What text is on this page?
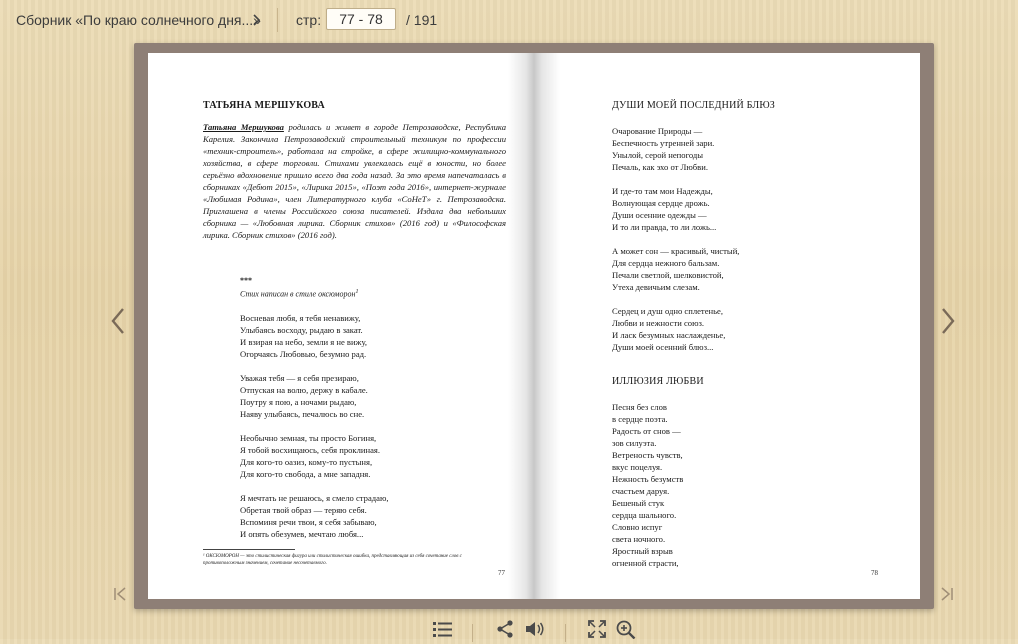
Сборник «По краю солнечного дня...»	стр:
77 - 78	/ 191
ТАТЬЯНА МЕРШУКОВА

Татьяна Мершукова родилась и живет в городе Петрозаводске, Республика Карелия. Закончила Петрозаводский строительный техникум по профессии «техник-строитель», работала на стройке, в сфере жилищно-коммунального хозяйства, в сфере торговли. Стихами увлекалась ещё в юности, но более серьёзно вдохновение пришло всего два года назад. За это время напечаталась в сборниках «Дебют 2015», «Лирика 2015», «Поэт года 2016», интернет-журнале «Любимая Родина», член Литературного клуба «СоНеТ» г. Петрозаводска. Приглашена в члены Российского союза писателей. Издала два небольших сборника — «Любовная лирика. Сборник стихов» (2016 год) и «Философская лирика. Сборник стихов» (2016 год).

***
Стих написан в стиле оксюморон$^1$
Восневая любя, я тебя ненавижу,
Улыбаясь восходу, рыдаю в закат.
И взирая на небо, земли я не вижу,
Огорчаясь Любовью, безумно рад.
Уважая тебя — я себя презираю,
Отпуская на волю, держу в кабале.
Поутру я пою, а ночами рыдаю,
Наяву улыбаясь, печалюсь во сне.
Необычно земная, ты просто Богиня,
Я тобой восхищаюсь, себя проклиная.
Для кого-то оазиз, кому-то пустыня,
Для кого-то свобода, а мне западня.
Я мечтать не решаюсь, я смело страдаю,
Обретая твой образ — теряю себя.
Вспоминя речи твои, я себя забываю,
И опять обезумев, мечтаю любя...

¹ ОКСЮМОРОН — это стилистическая фигура или стилистическая ошибка, представляющая из себя сочетание слов с противоположным значением, сочетание несочетаемого.

77
ДУШИ МОЕЙ ПОСЛЕДНИЙ БЛЮЗ
Очарование Природы —
Беспечность утренней зари.
Унылой, серой непогоды
Печаль, как эхо от Любви.
И где-то там мои Надежды,
Волнующая сердце дрожь.
Души осенние одежды —
И то ли правда, то ли ложь...
А может сон — красивый, чистый,
Для сердца нежного бальзам.
Печали светлой, шелковистой,
Утеха девичьим слезам.
Сердец и душ одно сплетенье,
Любви и нежности союз.
И ласк безумных наслажденье,
Души моей осенний блюз...
ИЛЛЮЗИЯ ЛЮБВИ
Песня без слов
в сердце поэта.
Радость от снов —
зов силуэта.
Ветреность чувств,
вкус поцелуя.
Нежность безумств
счастьем даруя.
Бешеный стук
сердца шального.
Словно испуг
света ночного.
Яростный взрыв
огненной страсти,
78
